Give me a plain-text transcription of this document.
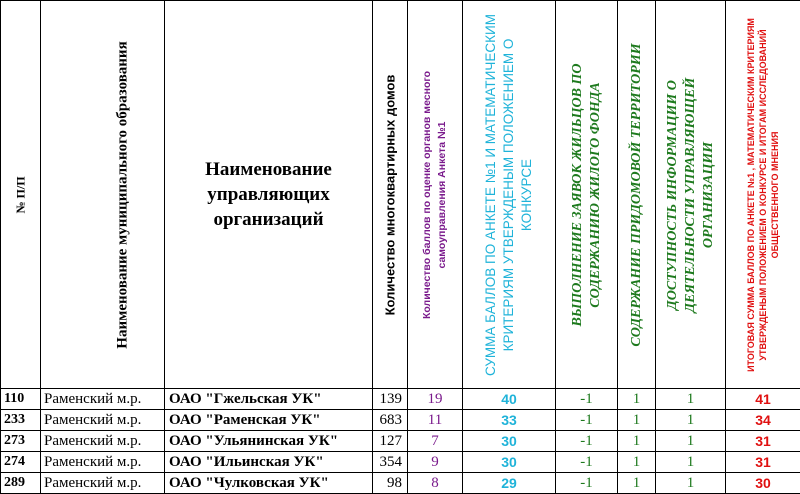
№ П/П	Наименование муниципального образования	Наименование управляющих организаций	Количество многоквартирных домов	Количество баллов по оценке органов месного самоуправления Анкета №1	СУММА БАЛЛОВ ПО АНКЕТЕ №1 И МАТЕМАТИЧЕСКИМ КРИТЕРИЯМ УТВЕРЖДЕНЫМ ПОЛОЖЕНИЕМ О КОНКУРСЕ	ВЫПОЛНЕНИЕ ЗАЯВОК ЖИЛЬЦОВ ПО СОДЕРЖАНИЮ ЖИЛОГО ФОНДА	СОДЕРЖАНИЕ ПРИДОМОВОЙ ТЕРРИТОРИИ	ДОСТУПНОСТЬ ИНФОРМАЦИИ О ДЕЯТЕЛЬНОСТИ УПРАВЛЯЮЩЕЙ ОРГАНИЗАЦИИ	ИТОГОВАЯ СУММА БАЛЛОВ ПО АНКЕТЕ №1 , МАТЕМАТИЧЕСКИМ КРИТЕРИЯМ УТВЕРЖДЕНЫМ ПОЛОЖЕНИЕМ О КОНКУРСЕ И ИТОГАМ ИССЛЕДОВАНИЙ ОБЩЕСТВЕННОГО МНЕНИЯ

110	Раменский м.р.	ОАО "Гжельская УК"	139	19	40	-1	1	1	41
233	Раменский м.р.	ОАО "Раменская УК"	683	11	33	-1	1	1	34
273	Раменский м.р.	ОАО "Ульянинская УК"	127	7	30	-1	1	1	31
274	Раменский м.р.	ОАО "Ильинская УК"	354	9	30	-1	1	1	31
289	Раменский м.р.	ОАО "Чулковская УК"	98	8	29	-1	1	1	30
